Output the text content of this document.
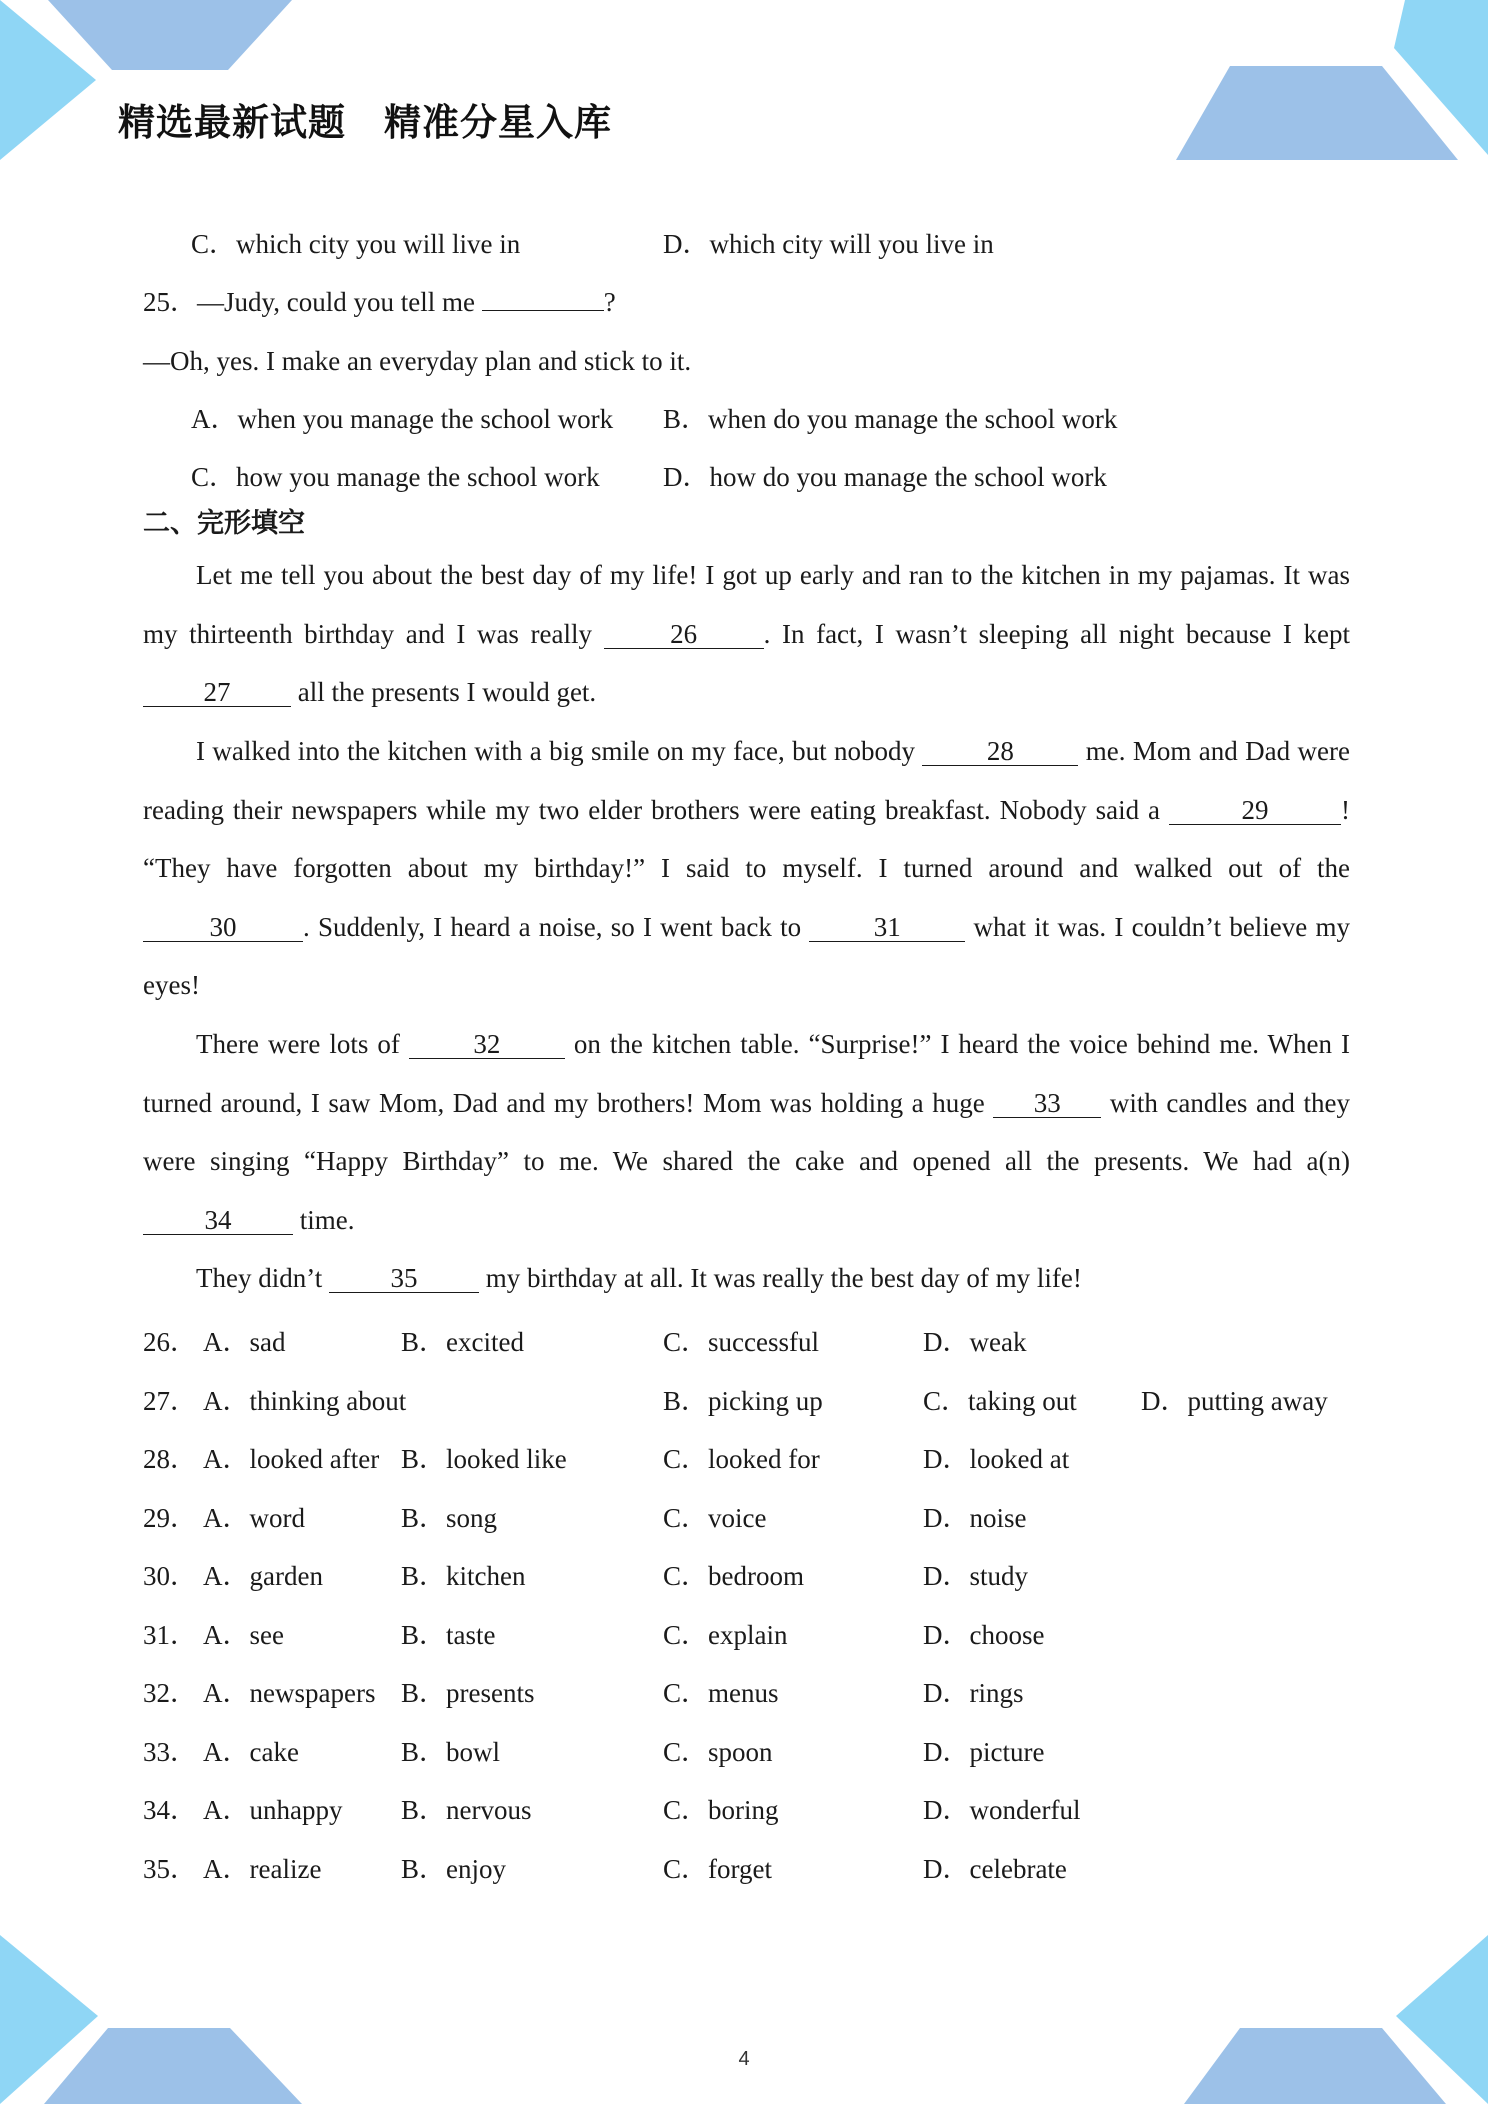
精选最新试题　精准分星入库
C．which city you will live in	D．which city will you live in
25．—Judy, could you tell me	?
—Oh, yes. I make an everyday plan and stick to it.
A．when you manage the school work B．when do you manage the school work
C．how you manage the school work D．how do you manage the school work
二、完形填空
Let me tell you about the best day of my life! I got up early and ran to the kitchen in my pajamas. It was my thirteenth birthday and I was really 26 . In fact, I wasn’t sleeping all night because I kept 27 all the presents I would get.
I walked into the kitchen with a big smile on my face, but nobody 28 me. Mom and Dad were reading their newspapers while my two elder brothers were eating breakfast. Nobody said a	29	! “They have forgotten about my birthday!” I said to myself. I turned around and walked out of the 30 . Suddenly, I heard a noise, so I went back to 31 what it was. I couldn’t believe my eyes!
There were lots of 32 on the kitchen table. “Surprise!” I heard the voice behind me. When I turned around, I saw Mom, Dad and my brothers! Mom was holding a huge 33 with candles and they were singing “Happy Birthday” to me. We shared the cake and opened all the presents. We had a(n) 34 time.
They didn’t 35 my birthday at all. It was really the best day of my life!
26． A．sad	B．excited	C．successful	D．weak
27． A．thinking about	B．picking up	C．taking out D．putting away
28． A．looked after B．looked like	C．looked for	D．looked at
29． A．word	B．song	C．voice	D．noise
30． A．garden	B．kitchen	C．bedroom	D．study
31． A．see	B．taste	C．explain	D．choose
32． A．newspapers B．presents	C．menus	D．rings
33． A．cake	B．bowl	C．spoon	D．picture
34． A．unhappy B．nervous	C．boring	D．wonderful
35． A．realize	B．enjoy	C．forget	D．celebrate
4
